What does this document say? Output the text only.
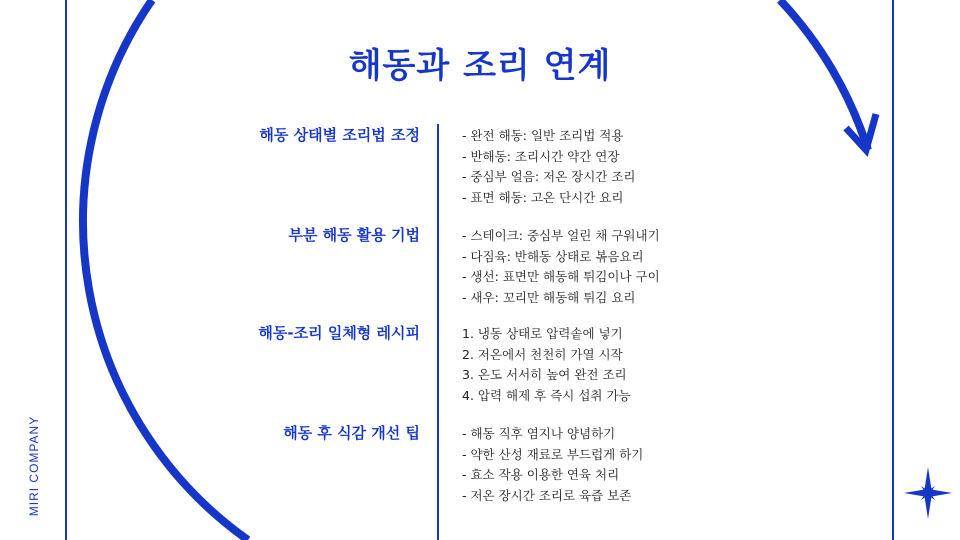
해동과 조리 연계
해동 상태별 조리법 조정	- 완전 해동: 일반 조리법 적용
- 반해동: 조리시간 약간 연장
- 중심부 얼음: 저온 장시간 조리
- 표면 해동: 고온 단시간 요리
부분 해동 활용 기법	- 스테이크: 중심부 얼린 채 구워내기
- 다짐육: 반해동 상태로 볶음요리
- 생선: 표면만 해동해 튀김이나 구이
- 새우: 꼬리만 해동해 튀김 요리
해동-조리 일체형 레시피	1. 냉동 상태로 압력솥에 넣기
2. 저온에서 천천히 가열 시작
3. 온도 서서히 높여 완전 조리
4. 압력 해제 후 즉시 섭취 가능
해동 후 식감 개선 팁	- 해동 직후 염지나 양념하기
- 약한 산성 재료로 부드럽게 하기
- 효소 작용 이용한 연육 처리
- 저온 장시간 조리로 육즙 보존
MIRI COMPANY
